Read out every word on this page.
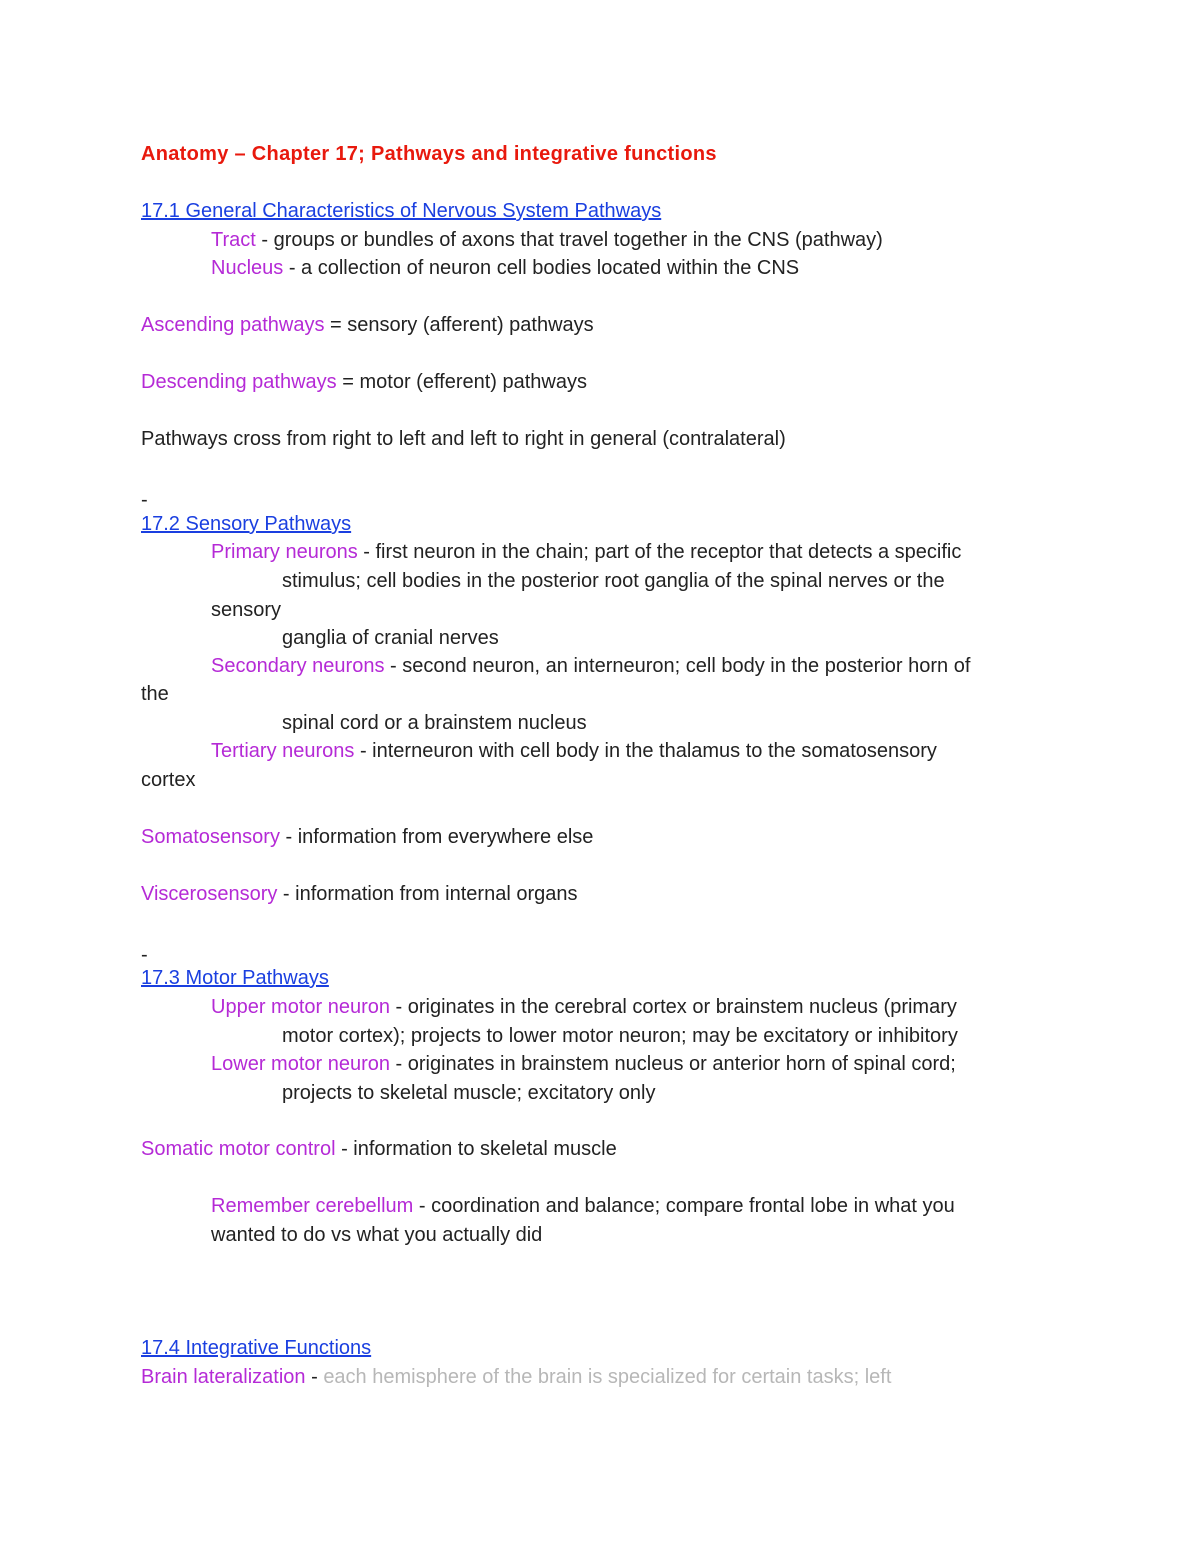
Anatomy – Chapter 17; Pathways and integrative functions
17.1 General Characteristics of Nervous System Pathways
Tract - groups or bundles of axons that travel together in the CNS (pathway)
Nucleus - a collection of neuron cell bodies located within the CNS
Ascending pathways = sensory (afferent) pathways
Descending pathways = motor (efferent) pathways
Pathways cross from right to left and left to right in general (contralateral)
-
17.2 Sensory Pathways
Primary neurons - first neuron in the chain; part of the receptor that detects a specific
stimulus; cell bodies in the posterior root ganglia of the spinal nerves or the
sensory
ganglia of cranial nerves
Secondary neurons - second neuron, an interneuron; cell body in the posterior horn of
the
spinal cord or a brainstem nucleus
Tertiary neurons - interneuron with cell body in the thalamus to the somatosensory
cortex
Somatosensory - information from everywhere else
Viscerosensory - information from internal organs
-
17.3 Motor Pathways
Upper motor neuron - originates in the cerebral cortex or brainstem nucleus (primary
motor cortex); projects to lower motor neuron; may be excitatory or inhibitory
Lower motor neuron - originates in brainstem nucleus or anterior horn of spinal cord;
projects to skeletal muscle; excitatory only
Somatic motor control - information to skeletal muscle
Remember cerebellum - coordination and balance; compare frontal lobe in what you
wanted to do vs what you actually did
17.4 Integrative Functions
Brain lateralization - each hemisphere of the brain is specialized for certain tasks; left
